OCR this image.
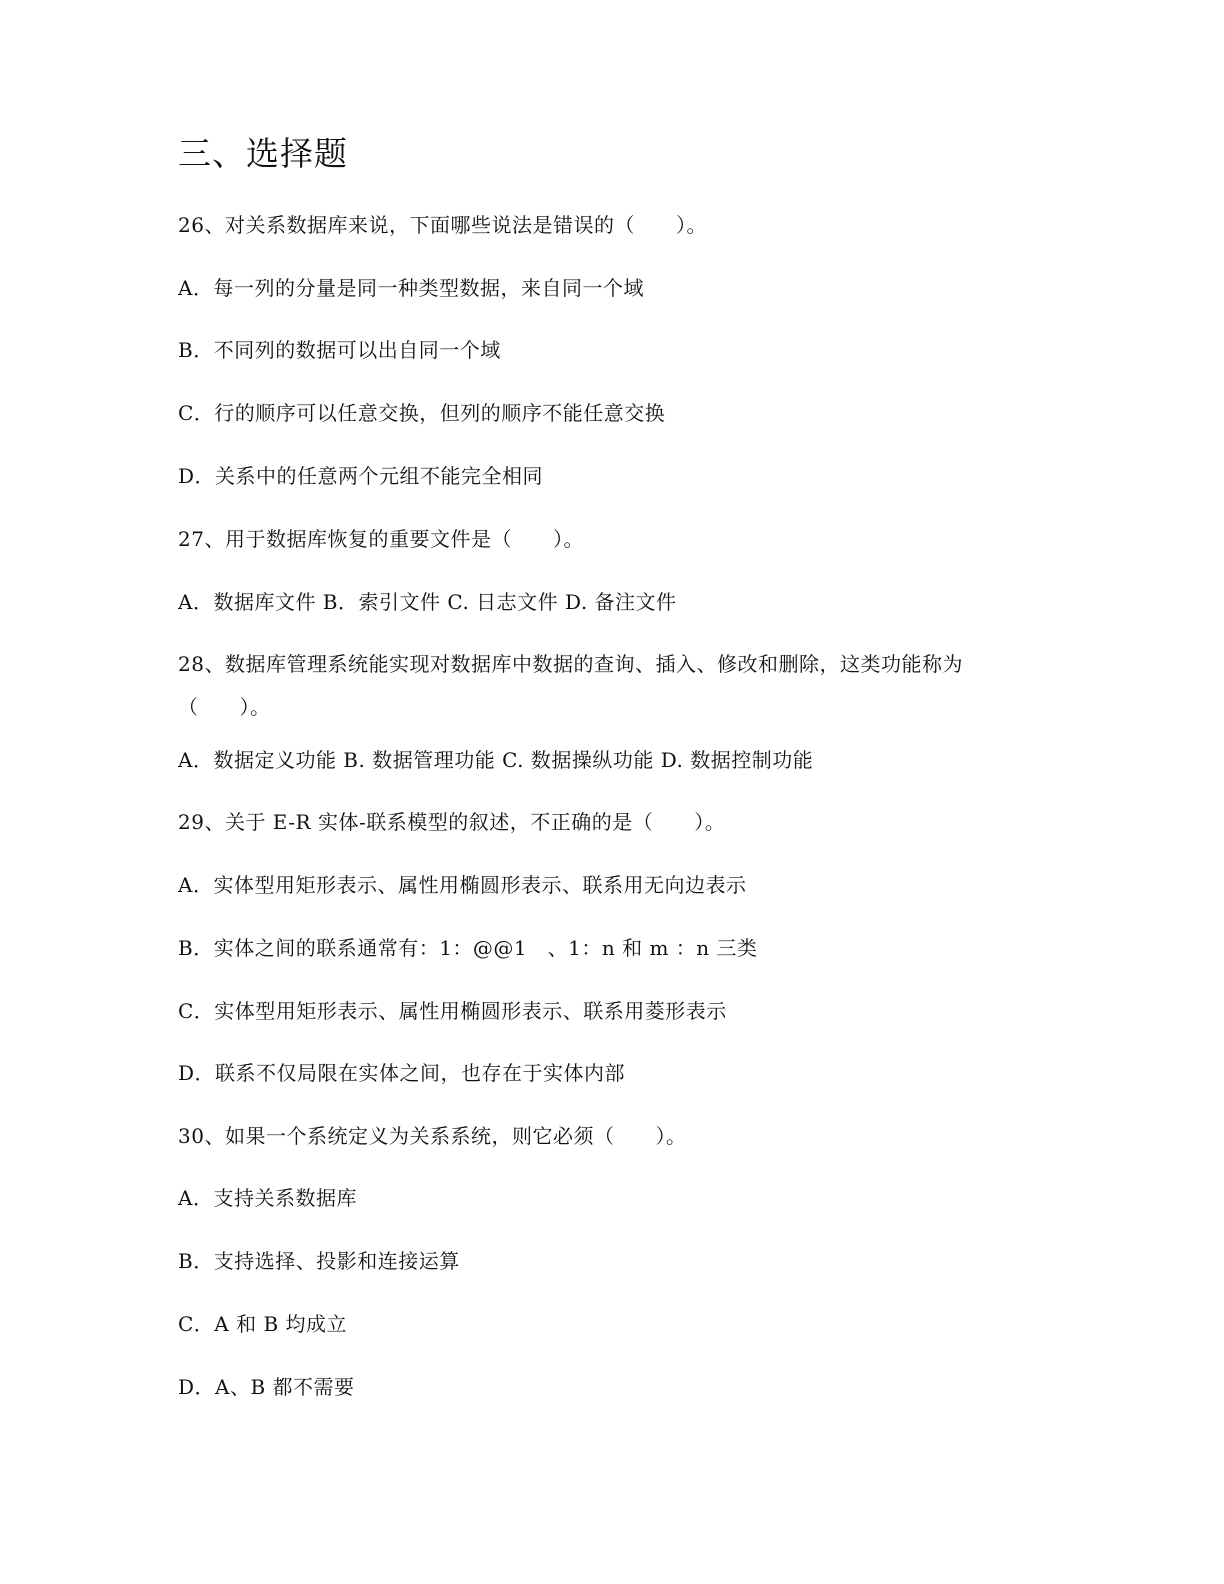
三、选择题
26、对关系数据库来说，下面哪些说法是错误的（　　）。
A．每一列的分量是同一种类型数据，来自同一个域
B．不同列的数据可以出自同一个域
C．行的顺序可以任意交换，但列的顺序不能任意交换
D．关系中的任意两个元组不能完全相同
27、用于数据库恢复的重要文件是（　　）。
A．数据库文件 B．索引文件 C. 日志文件 D. 备注文件
28、数据库管理系统能实现对数据库中数据的查询、插入、修改和删除，这类功能称为
（　　）。
A．数据定义功能 B. 数据管理功能 C. 数据操纵功能 D. 数据控制功能
29、关于 E-R 实体-联系模型的叙述，不正确的是（　　）。
A．实体型用矩形表示、属性用椭圆形表示、联系用无向边表示
B．实体之间的联系通常有：1：@@1　、1：n 和 m ：n 三类
C．实体型用矩形表示、属性用椭圆形表示、联系用菱形表示
D．联系不仅局限在实体之间，也存在于实体内部
30、如果一个系统定义为关系系统，则它必须（　　）。
A．支持关系数据库
B．支持选择、投影和连接运算
C．A 和 B 均成立
D．A、B 都不需要
